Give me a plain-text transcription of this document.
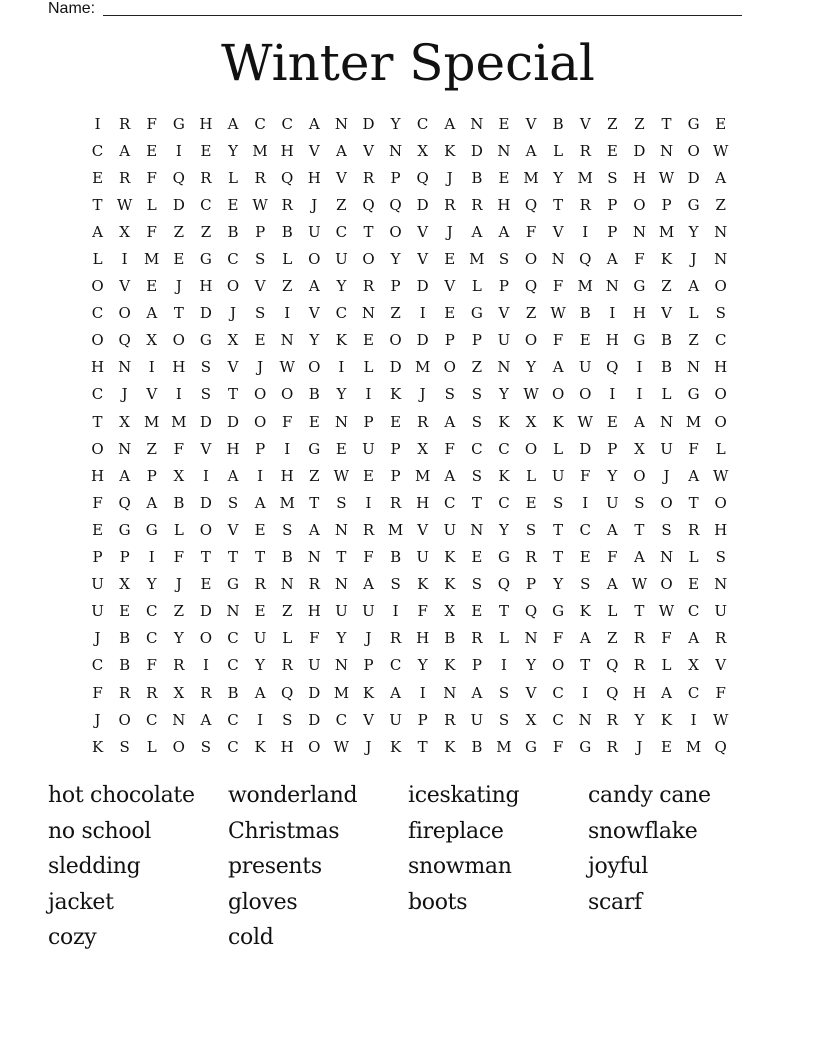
Name:
Winter Special
I	R	F	G H	A	C	C	A	N D	Y	C	A	N	E	V	B	V	Z	Z	T	G	E
C	A	E	I	E	Y M H	V	A	V	N	X	K	D N	A	L	R	E	D N O W
E	R	F	Q	R	L	R	Q H	V	R	P	Q	J	B	E M Y M S	H W D	A
T W L	D	C	E W R	J	Z	Q Q D	R	R H Q	T	R	P	O	P	G	Z
A	X	F	Z	Z	B	P	B	U	C	T	O	V	J	A	A	F	V	I	P	N M Y	N
L	I	M E	G	C	S	L	O U O	Y	V	E M S	O N Q	A	F	K	J	N
O	V	E	J	H O	V	Z	A	Y	R	P	D	V	L	P	Q	F M N G	Z	A	O
C	O	A	T	D	J	S	I	V	C N	Z	I	E	G	V	Z W B	I	H	V	L	S
O Q	X	O G	X	E	N	Y	K	E	O D	P	P	U O	F	E	H G	B	Z	C
H N	I	H	S	V	J	W O	I	L	D M O	Z	N	Y	A	U Q	I	B	N H
C	J	V	I	S	T	O O	B	Y	I	K	J	S	S	Y W O O	I	I	L	G O
T	X M M D	D O	F	E	N	P	E	R	A	S	K	X	K W E	A	N M O
O N	Z	F	V	H	P	I	G	E	U	P	X	F	C	C	O	L	D	P	X	U	F	L
H	A	P	X	I	A	I	H	Z W E	P M A	S	K	L	U	F	Y	O	J	A W
F	Q	A	B	D	S	A M T	S	I	R H C	T	C	E	S	I	U	S	O	T	O
E	G	G	L	O	V	E	S	A	N R M V	U N	Y	S	T	C	A	T	S	R H
P	P	I	F	T	T	T	B	N	T	F	B	U	K	E	G	R	T	E	F	A	N	L	S
U	X	Y	J	E	G	R N R N	A	S	K	K	S	Q	P	Y	S	A W O	E	N
U	E	C	Z	D N	E	Z	H U U	I	F	X	E	T	Q G	K	L	T W C	U
J	B	C	Y	O	C	U	L	F	Y	J	R H	B	R	L	N	F	A	Z	R	F	A	R
C	B	F	R	I	C	Y	R	U N	P	C	Y	K	P	I	Y	O	T	Q	R	L	X	V
F	R	R	X	R	B	A	Q D M K	A	I	N	A	S	V	C	I	Q H	A	C	F
J	O	C N	A	C	I	S	D	C	V	U	P	R	U	S	X	C N R	Y	K	I	W
K	S	L	O	S	C	K H O W	J	K	T	K	B M G	F	G	R	J	E M Q
hot chocolate	wonderland	iceskating	candy cane
no school	Christmas	fireplace	snowflake
sledding	presents	snowman	joyful
jacket	gloves	boots	scarf
cozy	cold
